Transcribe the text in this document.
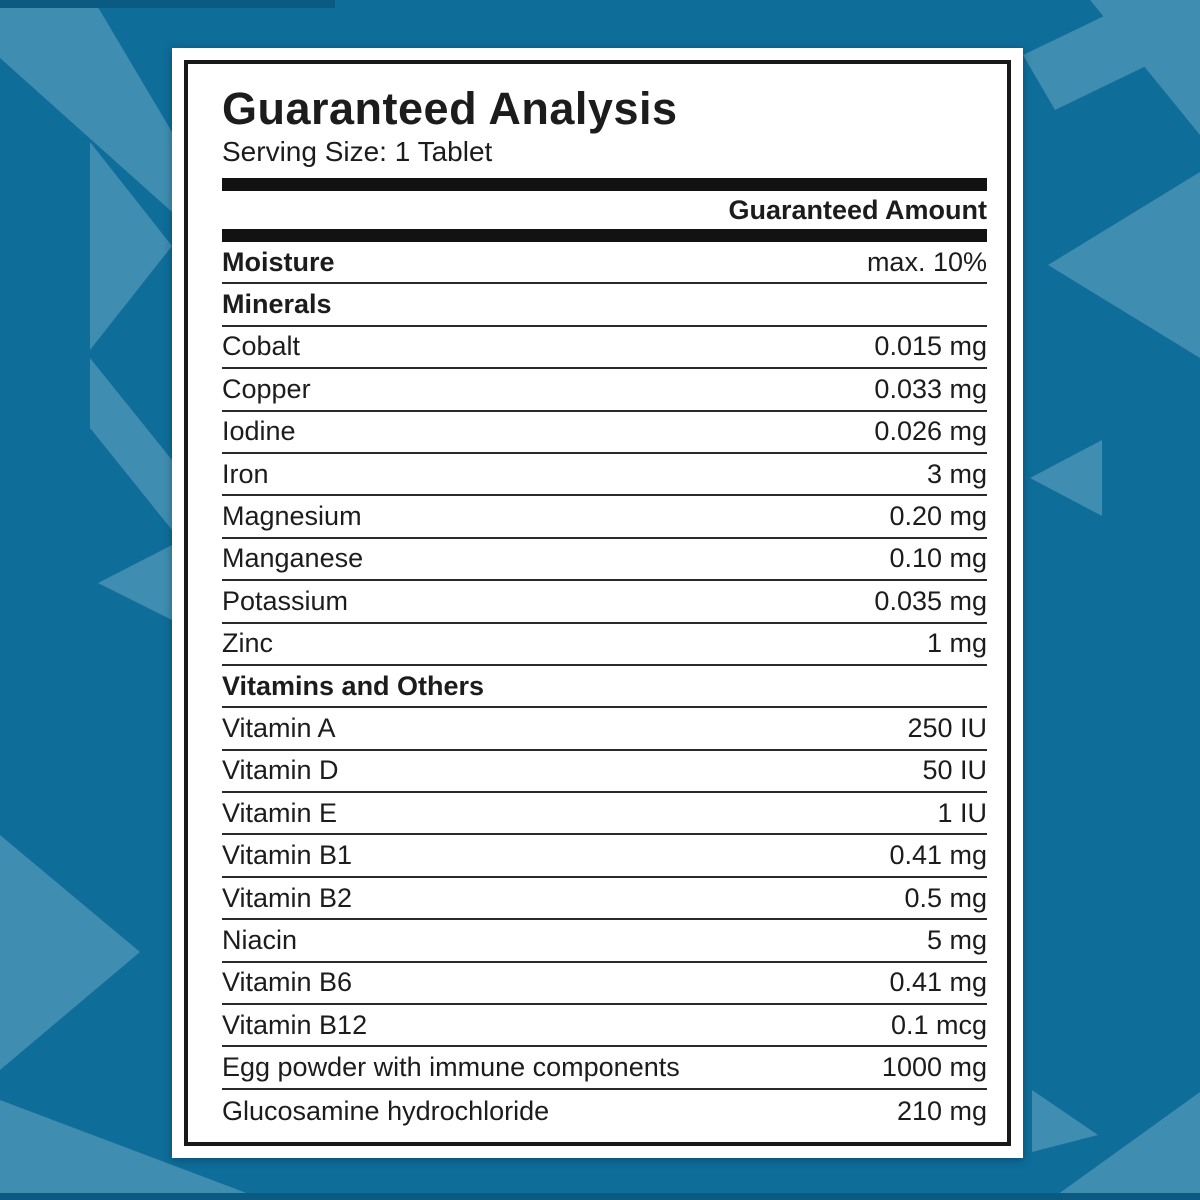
Guaranteed Analysis
Serving Size: 1 Tablet
Guaranteed Amount
Moisture	max. 10%
Minerals
Cobalt	0.015 mg
Copper	0.033 mg
Iodine	0.026 mg
Iron	3 mg
Magnesium	0.20 mg
Manganese	0.10 mg
Potassium	0.035 mg
Zinc	1 mg
Vitamins and Others
Vitamin A	250 IU
Vitamin D	50 IU
Vitamin E	1 IU
Vitamin B1	0.41 mg
Vitamin B2	0.5 mg
Niacin	5 mg
Vitamin B6	0.41 mg
Vitamin B12	0.1 mcg
Egg powder with immune components	1000 mg
Glucosamine hydrochloride	210 mg
